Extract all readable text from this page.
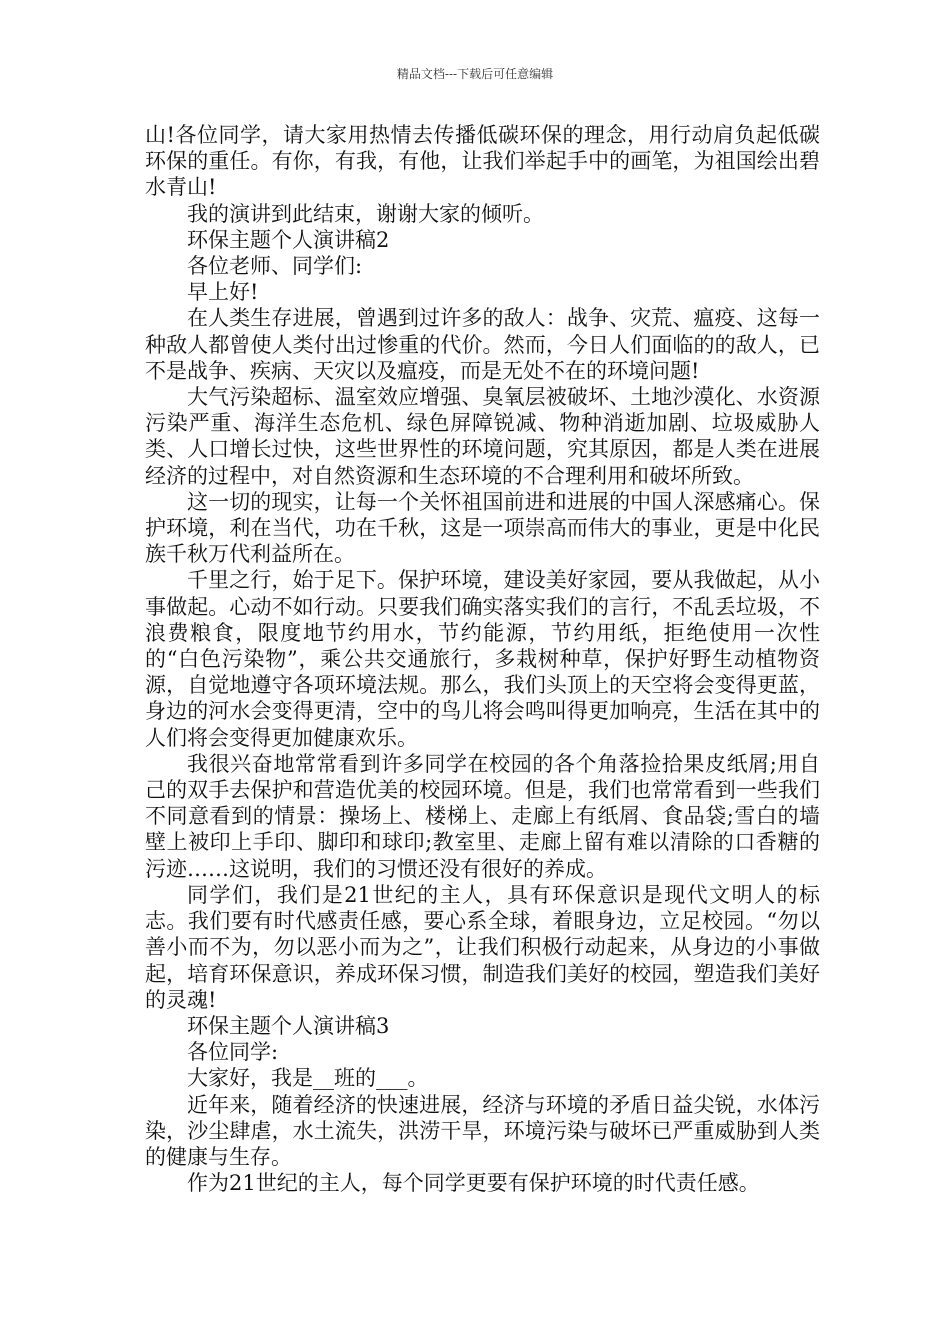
精品文档---下载后可任意编辑

山!各位同学，请大家用热情去传播低碳环保的理念，用行动肩负起低碳环保的重任。有你，有我，有他，让我们举起手中的画笔，为祖国绘出碧水青山!

我的演讲到此结束，谢谢大家的倾听。

环保主题个人演讲稿2

各位老师、同学们:

早上好!

在人类生存进展，曾遇到过许多的敌人：战争、灾荒、瘟疫、这每一种敌人都曾使人类付出过惨重的代价。然而，今日人们面临的的敌人，已不是战争、疾病、天灾以及瘟疫，而是无处不在的环境问题!

大气污染超标、温室效应增强、臭氧层被破坏、土地沙漠化、水资源污染严重、海洋生态危机、绿色屏障锐减、物种消逝加剧、垃圾威胁人类、人口增长过快，这些世界性的环境问题，究其原因，都是人类在进展经济的过程中，对自然资源和生态环境的不合理利用和破坏所致。

这一切的现实，让每一个关怀祖国前进和进展的中国人深感痛心。保护环境，利在当代，功在千秋，这是一项崇高而伟大的事业，更是中化民族千秋万代利益所在。

千里之行，始于足下。保护环境，建设美好家园，要从我做起，从小事做起。心动不如行动。只要我们确实落实我们的言行，不乱丢垃圾，不浪费粮食，限度地节约用水，节约能源，节约用纸，拒绝使用一次性的“白色污染物”，乘公共交通旅行，多栽树种草，保护好野生动植物资源，自觉地遵守各项环境法规。那么，我们头顶上的天空将会变得更蓝，身边的河水会变得更清，空中的鸟儿将会鸣叫得更加响亮，生活在其中的人们将会变得更加健康欢乐。

我很兴奋地常常看到许多同学在校园的各个角落捡拾果皮纸屑;用自己的双手去保护和营造优美的校园环境。但是，我们也常常看到一些我们不同意看到的情景：操场上、楼梯上、走廊上有纸屑、食品袋;雪白的墙壁上被印上手印、脚印和球印;教室里、走廊上留有难以清除的口香糖的污迹……这说明，我们的习惯还没有很好的养成。

同学们，我们是21世纪的主人，具有环保意识是现代文明人的标志。我们要有时代感责任感，要心系全球，着眼身边，立足校园。“勿以善小而不为，勿以恶小而为之”，让我们积极行动起来，从身边的小事做起，培育环保意识，养成环保习惯，制造我们美好的校园，塑造我们美好的灵魂!

环保主题个人演讲稿3

各位同学:

大家好，我是__班的___。

近年来，随着经济的快速进展，经济与环境的矛盾日益尖锐，水体污染，沙尘肆虐，水土流失，洪涝干旱，环境污染与破坏已严重威胁到人类的健康与生存。

作为21世纪的主人，每个同学更要有保护环境的时代责任感。
